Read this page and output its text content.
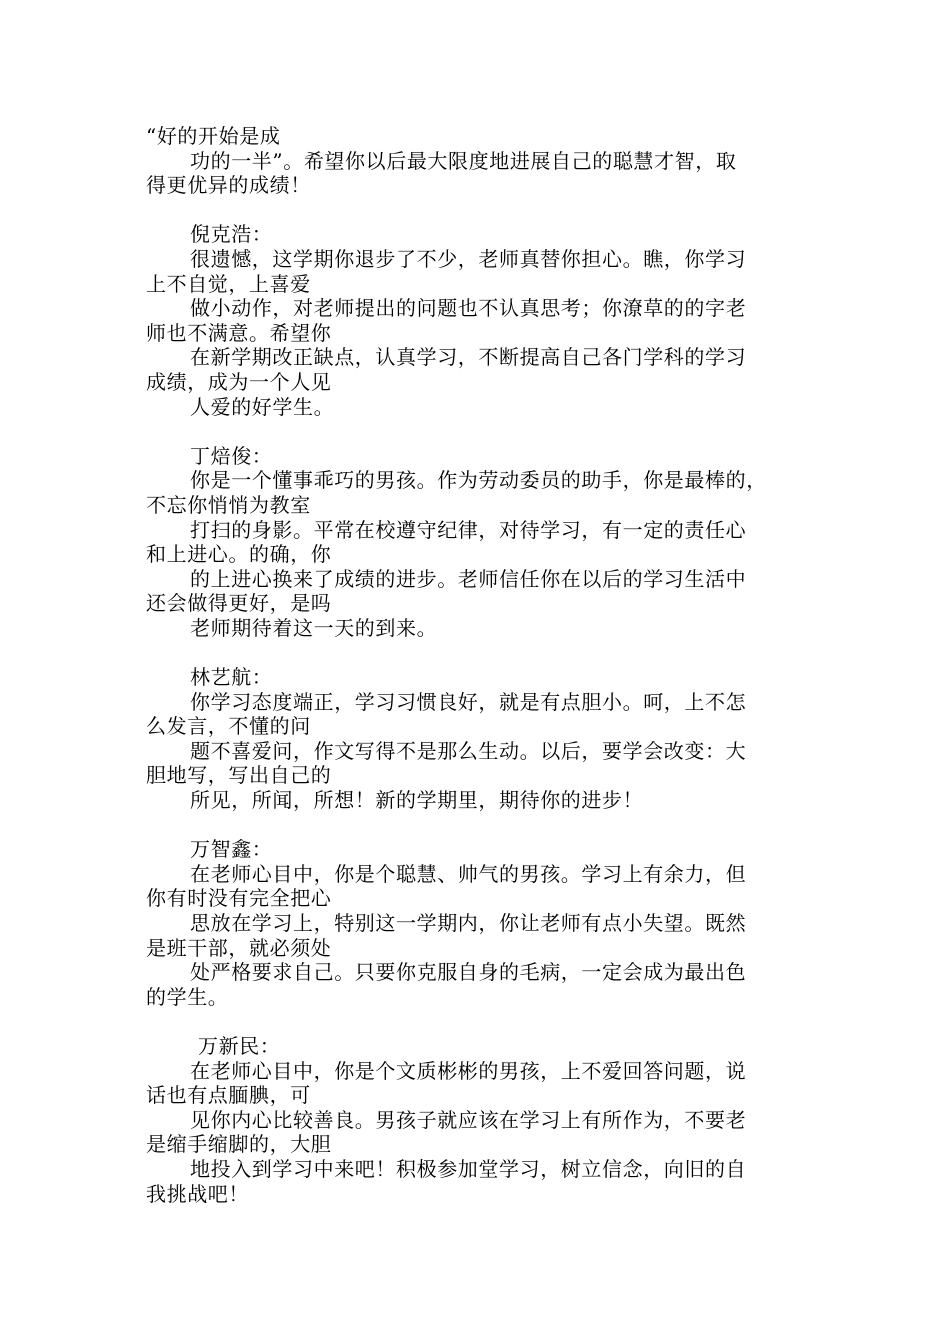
“好的开始是成
功的一半”。希望你以后最大限度地进展自己的聪慧才智，取
得更优异的成绩！
倪克浩：
很遗憾，这学期你退步了不少，老师真替你担心。瞧，你学习
上不自觉，上喜爱
做小动作，对老师提出的问题也不认真思考；你潦草的的字老
师也不满意。希望你
在新学期改正缺点，认真学习，不断提高自己各门学科的学习
成绩，成为一个人见
人爱的好学生。
丁焙俊：
你是一个懂事乖巧的男孩。作为劳动委员的助手，你是最棒的，
不忘你悄悄为教室
打扫的身影。平常在校遵守纪律，对待学习，有一定的责任心
和上进心。的确，你
的上进心换来了成绩的进步。老师信任你在以后的学习生活中
还会做得更好，是吗
老师期待着这一天的到来。
林艺航：
你学习态度端正，学习习惯良好，就是有点胆小。呵，上不怎
么发言，不懂的问
题不喜爱问，作文写得不是那么生动。以后，要学会改变：大
胆地写，写出自己的
所见，所闻，所想！新的学期里，期待你的进步！
万智鑫：
在老师心目中，你是个聪慧、帅气的男孩。学习上有余力，但
你有时没有完全把心
思放在学习上，特别这一学期内，你让老师有点小失望。既然
是班干部，就必须处
处严格要求自己。只要你克服自身的毛病，一定会成为最出色
的学生。
万新民：
在老师心目中，你是个文质彬彬的男孩，上不爱回答问题，说
话也有点腼腆，可
见你内心比较善良。男孩子就应该在学习上有所作为，不要老
是缩手缩脚的，大胆
地投入到学习中来吧！积极参加堂学习，树立信念，向旧的自
我挑战吧！
